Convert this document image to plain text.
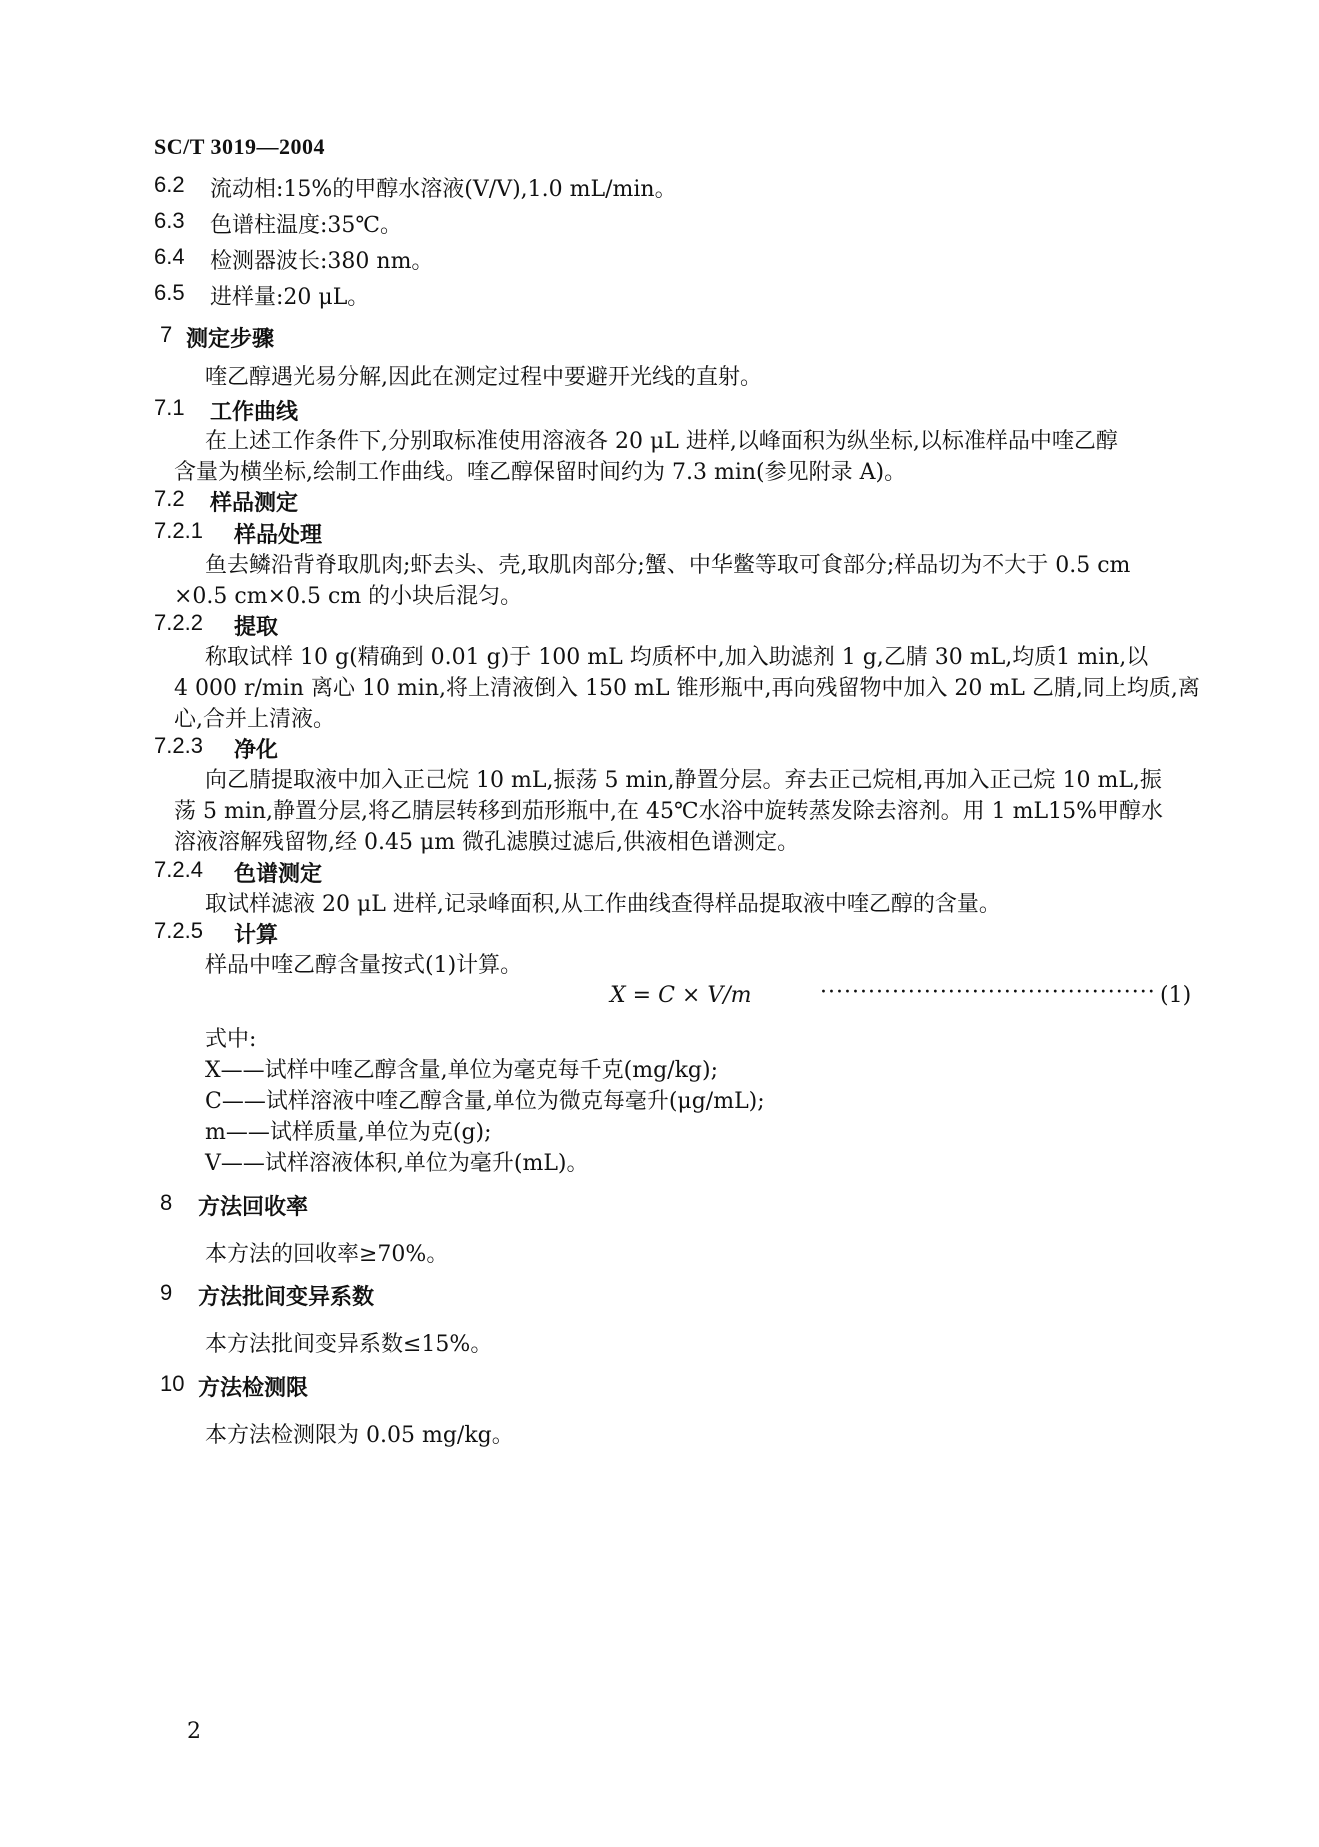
SC/T 3019—2004
6.2 流动相:15%的甲醇水溶液(V/V),1.0 mL/min。
6.3 色谱柱温度:35℃。
6.4 检测器波长:380 nm。
6.5 进样量:20 μL。
7 测定步骤
喹乙醇遇光易分解,因此在测定过程中要避开光线的直射。
7.1 工作曲线
在上述工作条件下,分别取标准使用溶液各 20 μL 进样,以峰面积为纵坐标,以标准样品中喹乙醇
含量为横坐标,绘制工作曲线。喹乙醇保留时间约为 7.3 min(参见附录 A)。
7.2 样品测定
7.2.1 样品处理
鱼去鳞沿背脊取肌肉;虾去头、壳,取肌肉部分;蟹、中华鳖等取可食部分;样品切为不大于 0.5 cm
×0.5 cm×0.5 cm 的小块后混匀。
7.2.2 提取
称取试样 10 g(精确到 0.01 g)于 100 mL 均质杯中,加入助滤剂 1 g,乙腈 30 mL,均质1 min,以
4 000 r/min 离心 10 min,将上清液倒入 150 mL 锥形瓶中,再向残留物中加入 20 mL 乙腈,同上均质,离
心,合并上清液。
7.2.3 净化
向乙腈提取液中加入正己烷 10 mL,振荡 5 min,静置分层。弃去正己烷相,再加入正己烷 10 mL,振
荡 5 min,静置分层,将乙腈层转移到茄形瓶中,在 45℃水浴中旋转蒸发除去溶剂。用 1 mL15%甲醇水
溶液溶解残留物,经 0.45 μm 微孔滤膜过滤后,供液相色谱测定。
7.2.4 色谱测定
取试样滤液 20 μL 进样,记录峰面积,从工作曲线查得样品提取液中喹乙醇的含量。
7.2.5 计算
样品中喹乙醇含量按式(1)计算。
X = C × V/m	·········································· (1)
式中:
X——试样中喹乙醇含量,单位为毫克每千克(mg/kg);
C——试样溶液中喹乙醇含量,单位为微克每毫升(μg/mL);
m——试样质量,单位为克(g);
V——试样溶液体积,单位为毫升(mL)。
8 方法回收率
本方法的回收率≥70%。
9 方法批间变异系数
本方法批间变异系数≤15%。
10 方法检测限
本方法检测限为 0.05 mg/kg。
2
